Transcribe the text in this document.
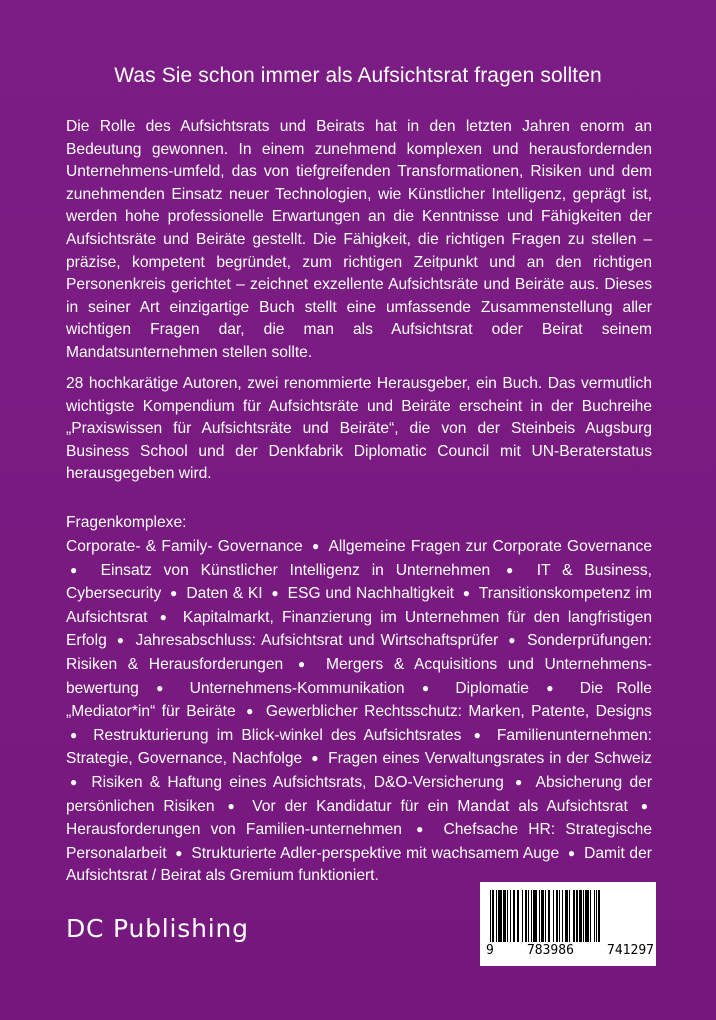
Was Sie schon immer als Aufsichtsrat fragen sollten
Die Rolle des Aufsichtsrats und Beirats hat in den letzten Jahren enorm an Bedeutung gewonnen. In einem zunehmend komplexen und herausfordernden Unternehmens-umfeld, das von tiefgreifenden Transformationen, Risiken und dem zunehmenden Einsatz neuer Technologien, wie Künstlicher Intelligenz, geprägt ist, werden hohe professionelle Erwartungen an die Kenntnisse und Fähigkeiten der Aufsichtsräte und Beiräte gestellt. Die Fähigkeit, die richtigen Fragen zu stellen – präzise, kompetent begründet, zum richtigen Zeitpunkt und an den richtigen Personenkreis gerichtet – zeichnet exzellente Aufsichtsräte und Beiräte aus. Dieses in seiner Art einzigartige Buch stellt eine umfassende Zusammenstellung aller wichtigen Fragen dar, die man als Aufsichtsrat oder Beirat seinem Mandatsunternehmen stellen sollte.
28 hochkarätige Autoren, zwei renommierte Herausgeber, ein Buch. Das vermutlich wichtigste Kompendium für Aufsichtsräte und Beiräte erscheint in der Buchreihe „Praxiswissen für Aufsichtsräte und Beiräte“, die von der Steinbeis Augsburg Business School und der Denkfabrik Diplomatic Council mit UN-Beraterstatus herausgegeben wird.
Fragenkomplexe:
Corporate- & Family- Governance ● Allgemeine Fragen zur Corporate Governance ● Einsatz von Künstlicher Intelligenz in Unternehmen ● IT & Business, Cybersecurity ● Daten & KI ● ESG und Nachhaltigkeit ● Transitionskompetenz im Aufsichtsrat ● Kapitalmarkt, Finanzierung im Unternehmen für den langfristigen Erfolg ● Jahresabschluss: Aufsichtsrat und Wirtschaftsprüfer ● Sonderprüfungen: Risiken & Herausforderungen ● Mergers & Acquisitions und Unternehmens-bewertung ● Unternehmens-Kommunikation ● Diplomatie ● Die Rolle „Mediator*in“ für Beiräte ● Gewerblicher Rechtsschutz: Marken, Patente, Designs ● Restrukturierung im Blick-winkel des Aufsichtsrates ● Familienunternehmen: Strategie, Governance, Nachfolge ● Fragen eines Verwaltungsrates in der Schweiz ● Risiken & Haftung eines Aufsichtsrats, D&O-Versicherung ● Absicherung der persönlichen Risiken ● Vor der Kandidatur für ein Mandat als Aufsichtsrat ● Herausforderungen von Familien-unternehmen ● Chefsache HR: Strategische Personalarbeit ● Strukturierte Adler-perspektive mit wachsamem Auge ● Damit der Aufsichtsrat / Beirat als Gremium funktioniert.
DC Publishing
9	783986	741297
